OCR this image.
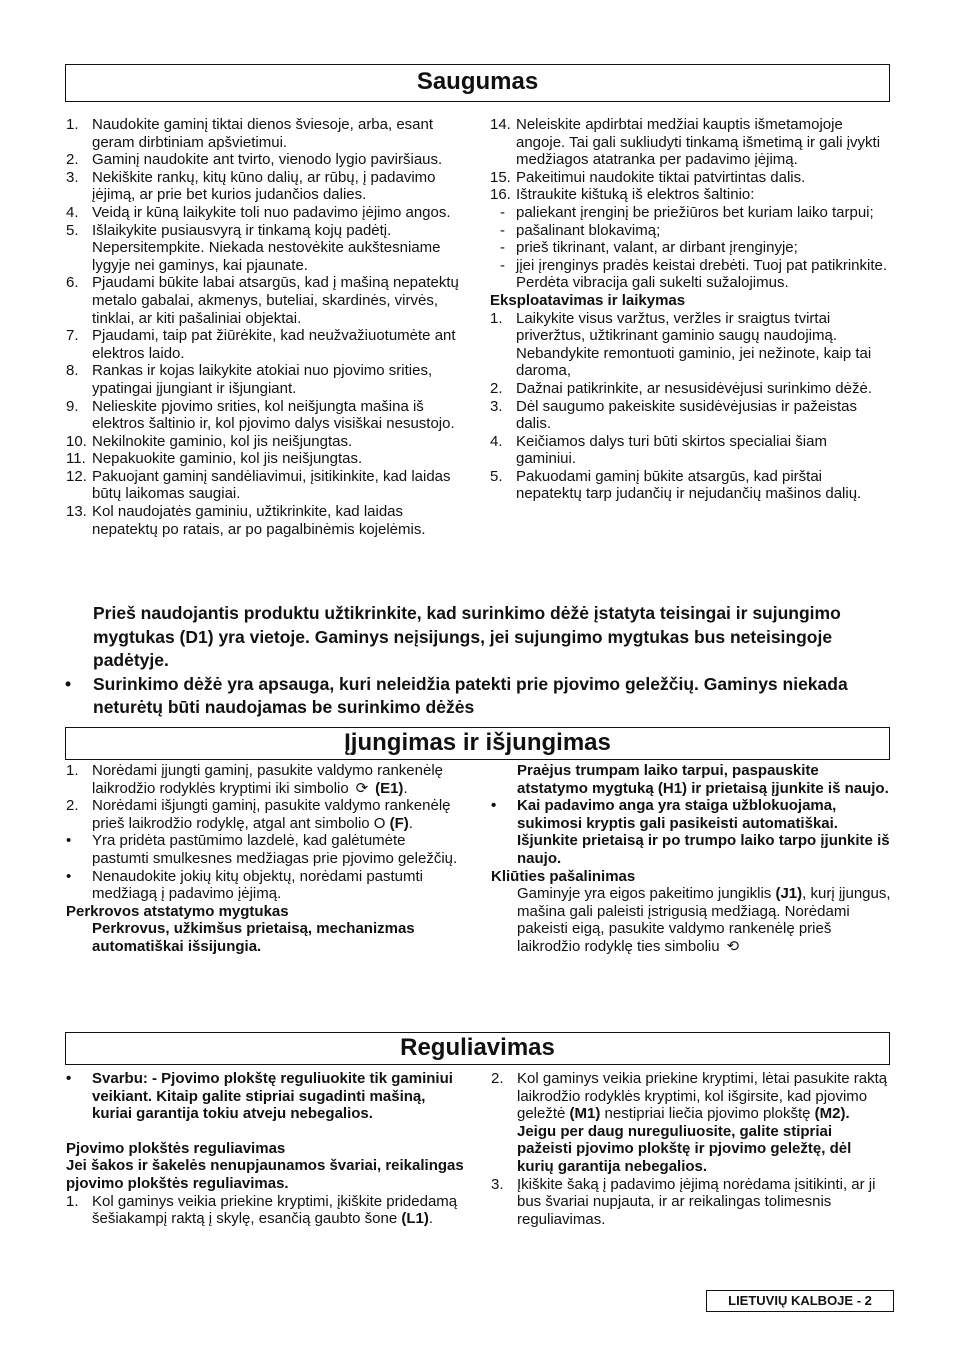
Saugumas
1. Naudokite gaminį tiktai dienos šviesoje, arba, esant geram dirbtiniam apšvietimui.
2. Gaminį naudokite ant tvirto, vienodo lygio paviršiaus.
3. Nekiškite rankų, kitų kūno dalių, ar rūbų, į padavimo įėjimą, ar prie bet kurios judančios dalies.
4. Veidą ir kūną laikykite toli nuo padavimo įėjimo angos.
5. Išlaikykite pusiausvyrą ir tinkamą kojų padėtį. Nepersitempkite. Niekada nestovėkite aukštesniame lygyje nei gaminys, kai pjaunate.
6. Pjaudami būkite labai atsargūs, kad į mašiną nepatektų metalo gabalai, akmenys, buteliai, skardinės, virvės, tinklai, ar kiti pašaliniai objektai.
7. Pjaudami, taip pat žiūrėkite, kad neužvažiuotumėte ant elektros laido.
8. Rankas ir kojas laikykite atokiai nuo pjovimo srities, ypatingai įjungiant ir išjungiant.
9. Nelieskite pjovimo srities, kol neišjungta mašina iš elektros šaltinio ir, kol pjovimo dalys visiškai nesustojo.
10. Nekilnokite gaminio, kol jis neišjungtas.
11. Nepakuokite gaminio, kol jis neišjungtas.
12. Pakuojant gaminį sandėliavimui, įsitikinkite, kad laidas būtų laikomas saugiai.
13. Kol naudojatės gaminiu, užtikrinkite, kad laidas nepatektų po ratais, ar po pagalbinėmis kojelėmis.
14. Neleiskite apdirbtai medžiai kauptis išmetamojoje angoje. Tai gali sukliudyti tinkamą išmetimą ir gali įvykti medžiagos atatranka per padavimo įėjimą.
15. Pakeitimui naudokite tiktai patvirtintas dalis.
16. Ištraukite kištuką iš elektros šaltinio:
- paliekant įrenginį be priežiūros bet kuriam laiko tarpui;
- pašalinant blokavimą;
- prieš tikrinant, valant, ar dirbant įrenginyje;
- jįei įrenginys pradės keistai drebėti. Tuoj pat patikrinkite. Perdėta vibracija gali sukelti sužalojimus.
Eksploatavimas ir laikymas
1. Laikykite visus varžtus, veržles ir sraigtus tvirtai priveržtus, užtikrinant gaminio saugų naudojimą. Nebandykite remontuoti gaminio, jei nežinote, kaip tai daroma,
2. Dažnai patikrinkite, ar nesusidėvėjusi surinkimo dėžė.
3. Dėl saugumo pakeiskite susidėvėjusias ir pažeistas dalis.
4. Keičiamos dalys turi būti skirtos specialiai šiam gaminiui.
5. Pakuodami gaminį būkite atsargūs, kad pirštai nepatektų tarp judančių ir nejudančių mašinos dalių.
Prieš naudojantis produktu užtikrinkite, kad surinkimo dėžė įstatyta teisingai ir sujungimo mygtukas (D1) yra vietoje. Gaminys neįsijungs, jei sujungimo mygtukas bus neteisingoje padėtyje.
•	Surinkimo dėžė yra apsauga, kuri neleidžia patekti prie pjovimo geležčių. Gaminys niekada neturėtų būti naudojamas be surinkimo dėžės
Įjungimas ir išjungimas
1. Norėdami įjungti gaminį, pasukite valdymo rankenėlę laikrodžio rodyklės kryptimi iki simbolio ⟳ (E1).
2. Norėdami išjungti gaminį, pasukite valdymo rankenėlę prieš laikrodžio rodyklę, atgal ant simbolio O (F).
•	Yra pridėta pastūmimo lazdelė, kad galėtumėte pastumti smulkesnes medžiagas prie pjovimo geležčių.
•	Nenaudokite jokių kitų objektų, norėdami pastumti medžiagą į padavimo įėjimą.
Perkrovos atstatymo mygtukas
Perkrovus, užkimšus prietaisą, mechanizmas automatiškai išsijungia.
Praėjus trumpam laiko tarpui, paspauskite atstatymo mygtuką (H1) ir prietaisą įjunkite iš naujo.
•	Kai padavimo anga yra staiga užblokuojama, sukimosi kryptis gali pasikeisti automatiškai. Išjunkite prietaisą ir po trumpo laiko tarpo įjunkite iš naujo.
Kliūties pašalinimas
Gaminyje yra eigos pakeitimo jungiklis (J1), kurį įjungus, mašina gali paleisti įstrigusią medžiagą. Norėdami pakeisti eigą, pasukite valdymo rankenėlę prieš laikrodžio rodyklę ties simboliu ⟲
Reguliavimas
•	Svarbu: - Pjovimo plokštę reguliuokite tik gaminiui veikiant. Kitaip galite stipriai sugadinti mašiną, kuriai garantija tokiu atveju nebegalios.
Pjovimo plokštės reguliavimas
Jei šakos ir šakelės nenupjaunamos švariai, reikalingas pjovimo plokštės reguliavimas.
1. Kol gaminys veikia priekine kryptimi, įkiškite pridedamą šešiakampį raktą į skylę, esančią gaubto šone (L1).
2. Kol gaminys veikia priekine kryptimi, lėtai pasukite raktą laikrodžio rodyklės kryptimi, kol išgirsite, kad pjovimo geležtė (M1) nestipriai liečia pjovimo plokštę (M2). Jeigu per daug nureguliuosite, galite stipriai pažeisti pjovimo plokštę ir pjovimo geležtę, dėl kurių garantija nebegalios.
3. Įkiškite šaką į padavimo įėjimą norėdama įsitikinti, ar ji bus švariai nupjauta, ir ar reikalingas tolimesnis reguliavimas.
LIETUVIŲ KALBOJE - 2
